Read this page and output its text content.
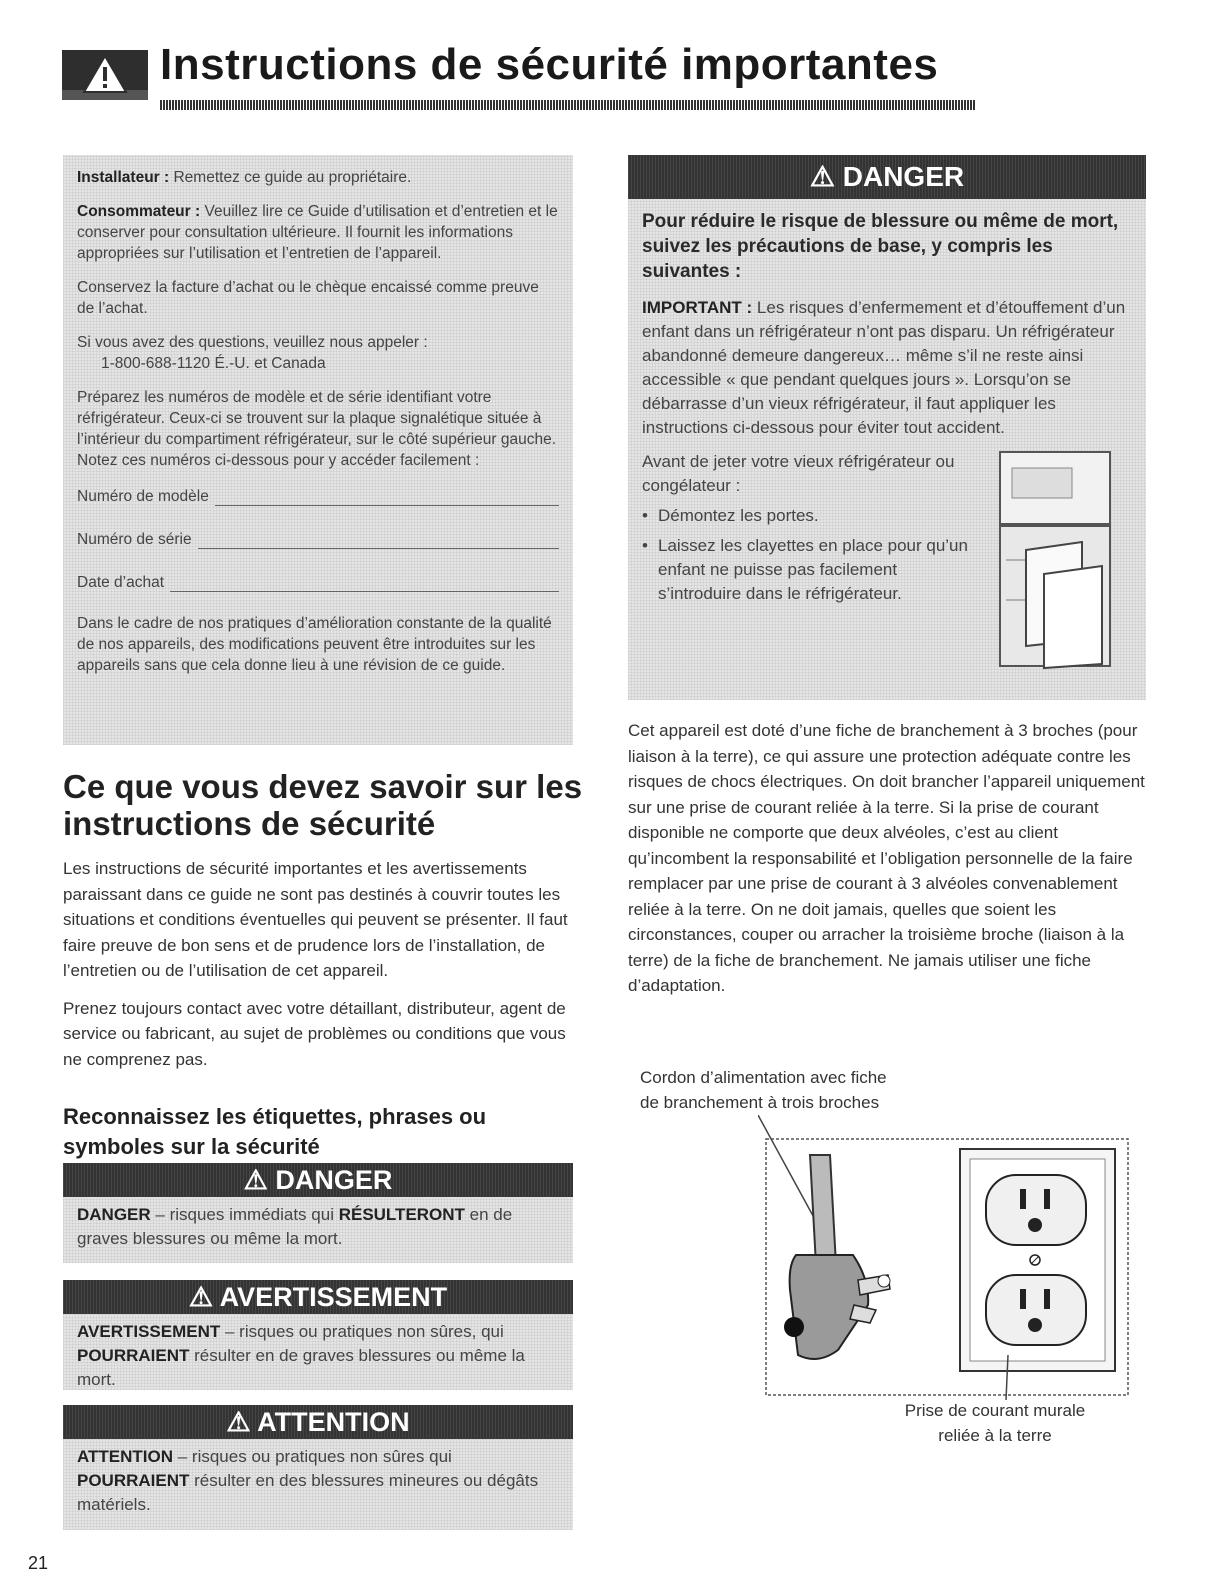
Instructions de sécurité importantes

Installateur : Remettez ce guide au propriétaire.

Consommateur : Veuillez lire ce Guide d’utilisation et d’entretien et le conserver pour consultation ultérieure. Il fournit les informations appropriées sur l’utilisation et l’entretien de l’appareil.

Conservez la facture d’achat ou le chèque encaissé comme preuve de l’achat.

Si vous avez des questions, veuillez nous appeler :

1-800-688-1120 É.-U. et Canada

Préparez les numéros de modèle et de série identifiant votre réfrigérateur. Ceux-ci se trouvent sur la plaque signalétique située à l’intérieur du compartiment réfrigérateur, sur le côté supérieur gauche. Notez ces numéros ci-dessous pour y accéder facilement :

Numéro de modèle
Numéro de série
Date d’achat

Dans le cadre de nos pratiques d’amélioration constante de la qualité de nos appareils, des modifications peuvent être introduites sur les appareils sans que cela donne lieu à une révision de ce guide.

Ce que vous devez savoir sur les instructions de sécurité

Les instructions de sécurité importantes et les avertissements paraissant dans ce guide ne sont pas destinés à couvrir toutes les situations et conditions éventuelles qui peuvent se présenter. Il faut faire preuve de bon sens et de prudence lors de l’installation, de l’entretien ou de l’utilisation de cet appareil.

Prenez toujours contact avec votre détaillant, distributeur, agent de service ou fabricant, au sujet de problèmes ou conditions que vous ne comprenez pas.

Reconnaissez les étiquettes, phrases ou symboles sur la sécurité
⚠ DANGER

DANGER – risques immédiats qui RÉSULTERONT en de graves blessures ou même la mort.

⚠ AVERTISSEMENT

AVERTISSEMENT – risques ou pratiques non sûres, qui POURRAIENT résulter en de graves blessures ou même la mort.

⚠ ATTENTION

ATTENTION – risques ou pratiques non sûres qui POURRAIENT résulter en des blessures mineures ou dégâts matériels.

⚠ DANGER

Pour réduire le risque de blessure ou même de mort, suivez les précautions de base, y compris les suivantes :

IMPORTANT : Les risques d’enfermement et d’étouffement d’un enfant dans un réfrigérateur n’ont pas disparu. Un réfrigérateur abandonné demeure dangereux… même s’il ne reste ainsi accessible « que pendant quelques jours ». Lorsqu’on se débarrasse d’un vieux réfrigérateur, il faut appliquer les instructions ci-dessous pour éviter tout accident.

Avant de jeter votre vieux réfrigérateur ou congélateur :

• Démontez les portes.
• Laissez les clayettes en place pour qu’un enfant ne puisse pas facilement s’introduire dans le réfrigérateur.

Cet appareil est doté d’une fiche de branchement à 3 broches (pour liaison à la terre), ce qui assure une protection adéquate contre les risques de chocs électriques. On doit brancher l’appareil uniquement sur une prise de courant reliée à la terre. Si la prise de courant disponible ne comporte que deux alvéoles, c’est au client qu’incombent la responsabilité et l’obligation personnelle de la faire remplacer par une prise de courant à 3 alvéoles convenablement reliée à la terre. On ne doit jamais, quelles que soient les circonstances, couper ou arracher la troisième broche (liaison à la terre) de la fiche de branchement. Ne jamais utiliser une fiche d’adaptation.

Cordon d’alimentation avec fiche
de branchement à trois broches
Prise de courant murale
reliée à la terre
21
